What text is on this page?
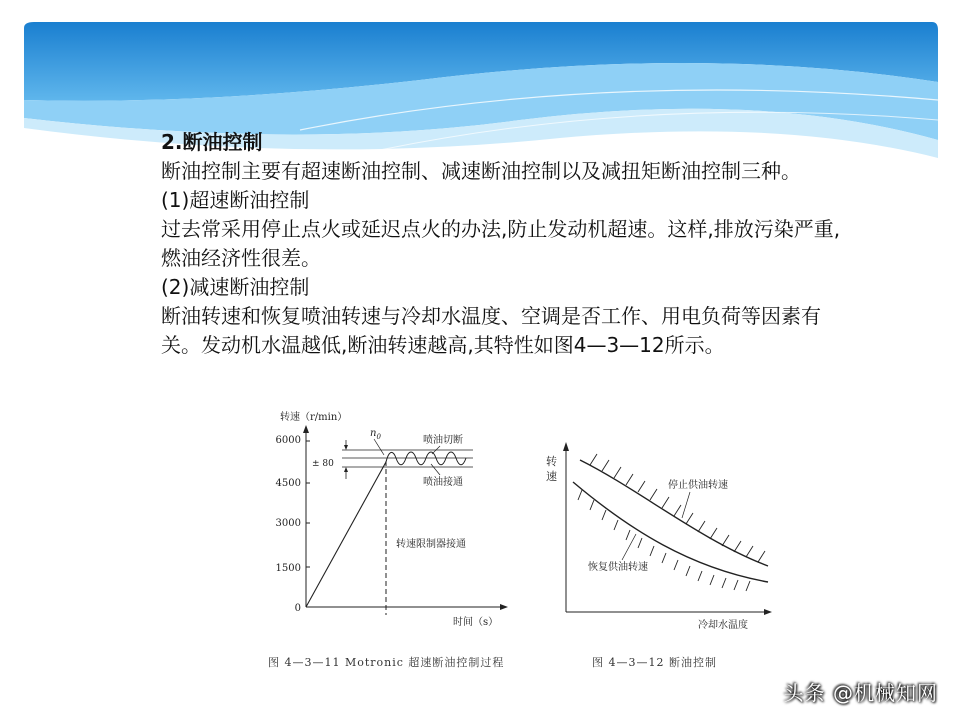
2.断油控制

断油控制主要有超速断油控制、减速断油控制以及减扭矩断油控制三种。

(1)超速断油控制

过去常采用停止点火或延迟点火的办法,防止发动机超速。这样,排放污染严重,燃油经济性很差。

(2)减速断油控制

断油转速和恢复喷油转速与冷却水温度、空调是否工作、用电负荷等因素有关。发动机水温越低,断油转速越高,其特性如图4—3—12所示。

转速（r/min）
6000
4500
3000
1500
0
± 80
$n_0$	喷油切断
喷油接通
转速限制器接通
时间（s）
图 4—3—11 Motronic 超速断油控制过程
转
速
停止供油转速
恢复供油转速
冷却水温度
图 4—3—12 断油控制
头条 @机械知网
